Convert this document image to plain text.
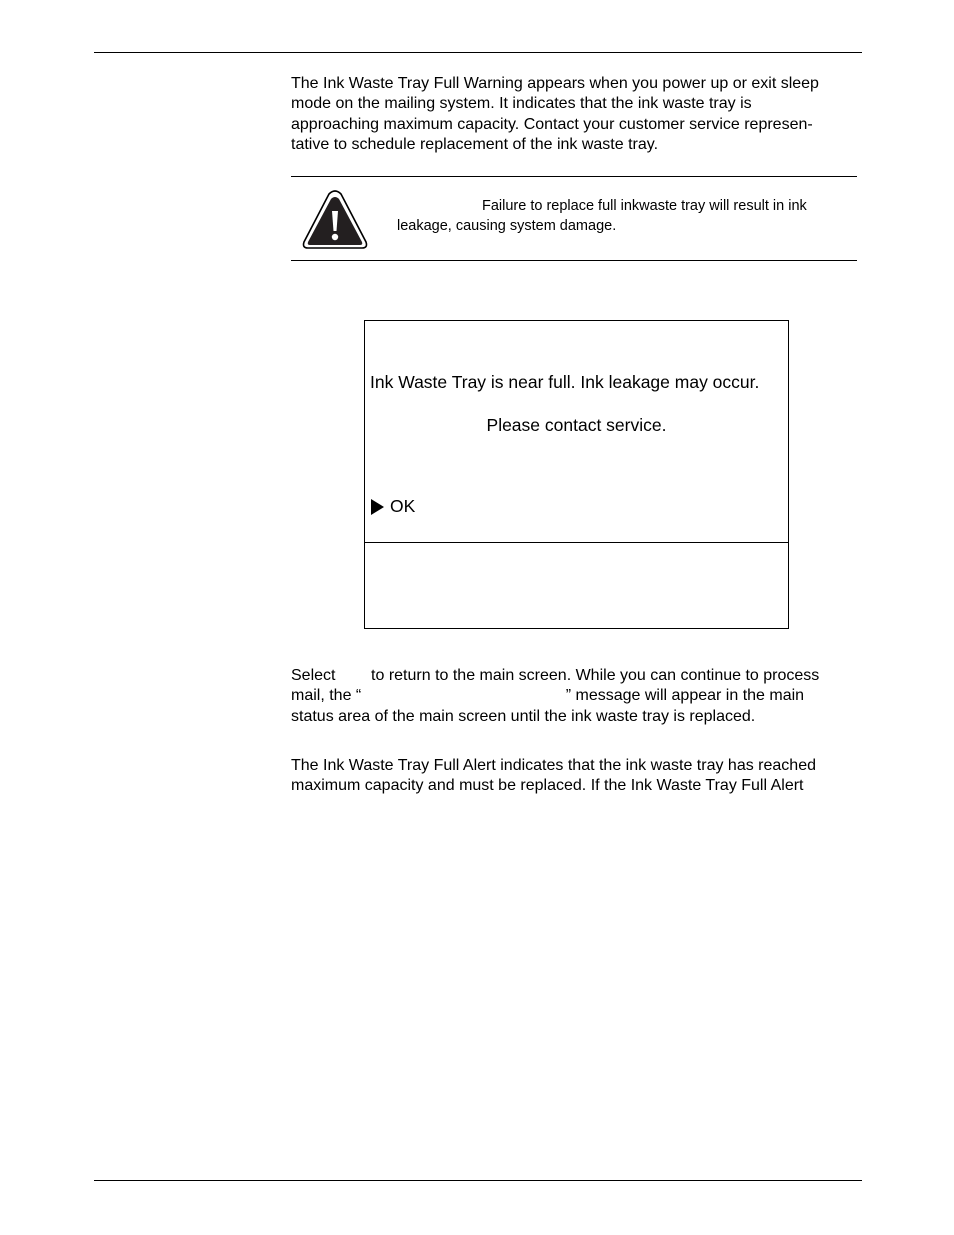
The Ink Waste Tray Full Warning appears when you power up or exit sleep
mode on the mailing system. It indicates that the ink waste tray is
approaching maximum capacity. Contact your customer service represen-
tative to schedule replacement of the ink waste tray.

Failure to replace full inkwaste tray will result in ink
leakage, causing system damage.
Ink Waste Tray is near full. Ink leakage may occur.
Please contact service.
OK

Select        to return to the main screen. While you can continue to process
mail, the “                                              ” message will appear in the main
status area of the main screen until the ink waste tray is replaced.

The Ink Waste Tray Full Alert indicates that the ink waste tray has reached
maximum capacity and must be replaced. If the Ink Waste Tray Full Alert
